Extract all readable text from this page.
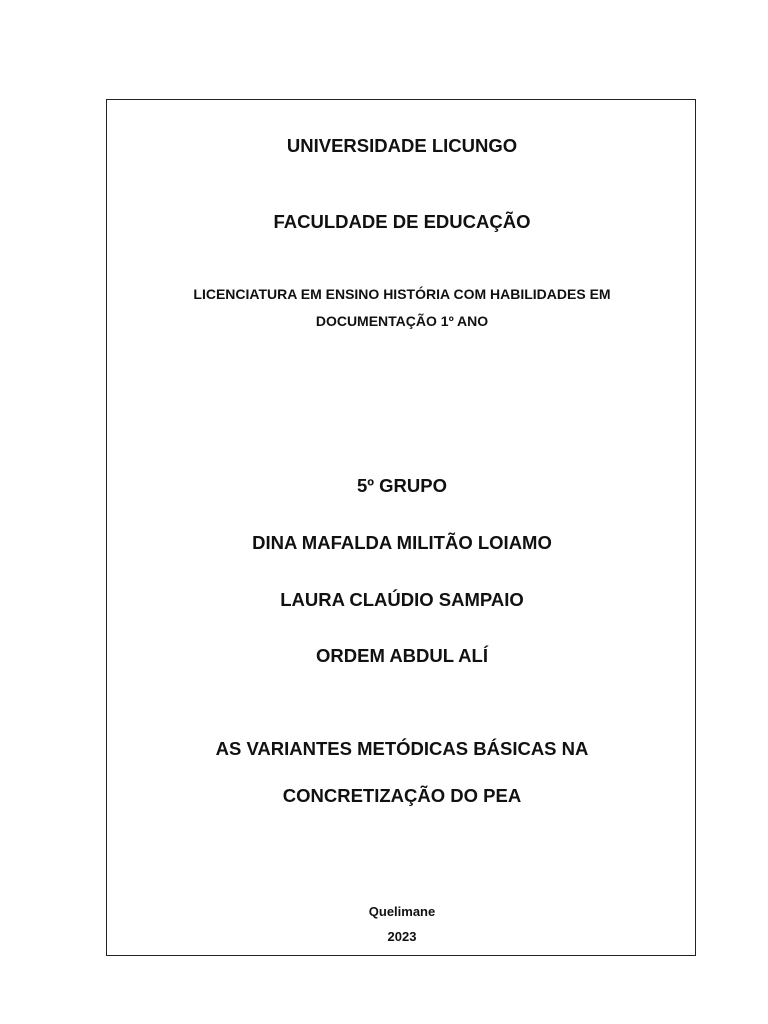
UNIVERSIDADE LICUNGO
FACULDADE DE EDUCAÇÃO
LICENCIATURA EM ENSINO HISTÓRIA COM HABILIDADES EM
DOCUMENTAÇÃO 1º ANO
5º GRUPO
DINA MAFALDA MILITÃO LOIAMO
LAURA CLAÚDIO SAMPAIO
ORDEM ABDUL ALÍ
AS VARIANTES METÓDICAS BÁSICAS NA
CONCRETIZAÇÃO DO PEA
Quelimane
2023
